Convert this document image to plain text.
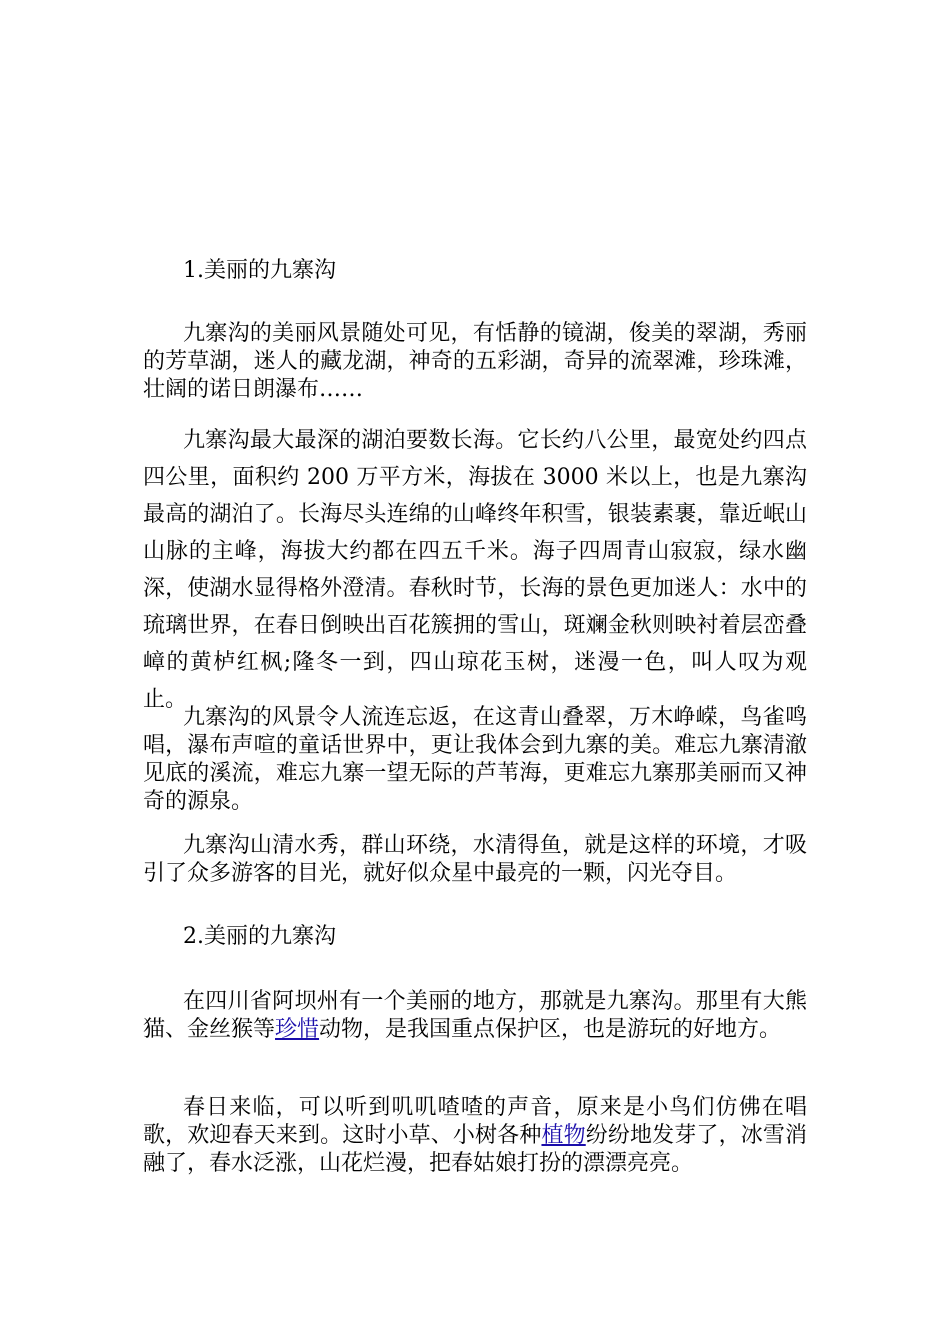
1.美丽的九寨沟

九寨沟的美丽风景随处可见，有恬静的镜湖，俊美的翠湖，秀丽的芳草湖，迷人的藏龙湖，神奇的五彩湖，奇异的流翠滩，珍珠滩，壮阔的诺日朗瀑布……

九寨沟最大最深的湖泊要数长海。它长约八公里，最宽处约四点四公里，面积约 200 万平方米，海拔在 3000 米以上，也是九寨沟最高的湖泊了。长海尽头连绵的山峰终年积雪，银装素裹，靠近岷山山脉的主峰，海拔大约都在四五千米。海子四周青山寂寂，绿水幽深，使湖水显得格外澄清。春秋时节，长海的景色更加迷人：水中的琉璃世界，在春日倒映出百花簇拥的雪山，斑斓金秋则映衬着层峦叠嶂的黄栌红枫;隆冬一到，四山琼花玉树，迷漫一色，叫人叹为观止。

九寨沟的风景令人流连忘返，在这青山叠翠，万木峥嵘，鸟雀鸣唱，瀑布声喧的童话世界中，更让我体会到九寨的美。难忘九寨清澈见底的溪流，难忘九寨一望无际的芦苇海，更难忘九寨那美丽而又神奇的源泉。

九寨沟山清水秀，群山环绕，水清得鱼，就是这样的环境，才吸引了众多游客的目光，就好似众星中最亮的一颗，闪光夺目。

2.美丽的九寨沟

在四川省阿坝州有一个美丽的地方，那就是九寨沟。那里有大熊猫、金丝猴等珍惜动物，是我国重点保护区，也是游玩的好地方。

春日来临，可以听到叽叽喳喳的声音，原来是小鸟们仿佛在唱歌，欢迎春天来到。这时小草、小树各种植物纷纷地发芽了，冰雪消融了，春水泛涨，山花烂漫，把春姑娘打扮的漂漂亮亮。
